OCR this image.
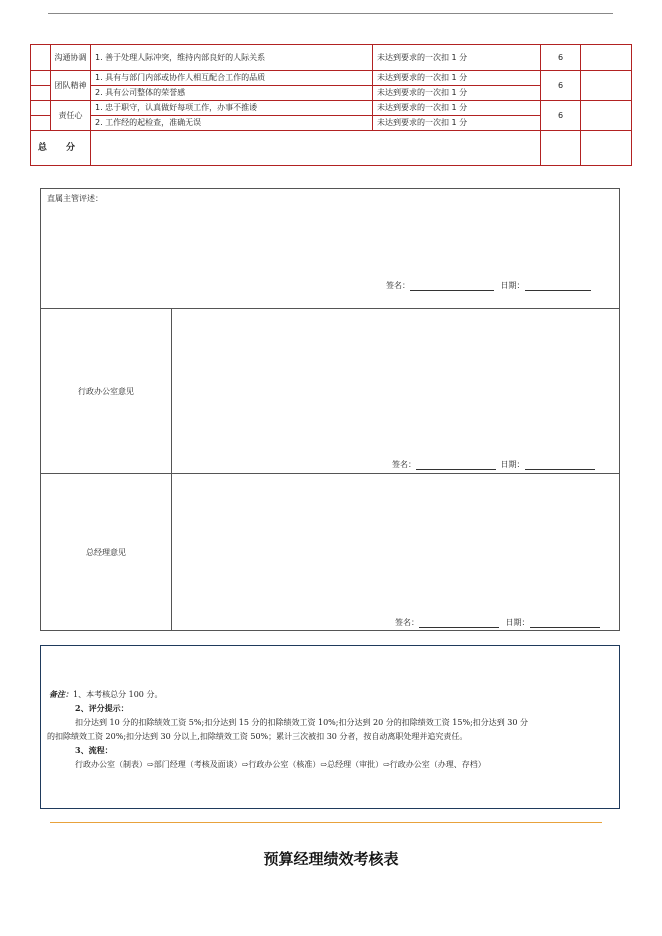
	沟通协调	1. 善于处理人际冲突，维持内部良好的人际关系	未达到要求的一次扣 1 分	6	
	团队精神	1. 具有与部门内部或协作人相互配合工作的品质	未达到要求的一次扣 1 分	6	
		2. 具有公司整体的荣誉感	未达到要求的一次扣 1 分		
	责任心	1. 忠于职守，认真做好每项工作，办事不推诿	未达到要求的一次扣 1 分	6	
		2. 工作经的起检查，准确无误	未达到要求的一次扣 1 分		
总 分					
直属主管评述：
签名：	日期：
行政办公室意见
签名：	日期：
总经理意见
签名：	日期：

备注：1、本考核总分 100 分。

2、评分提示：

扣分达到 10 分的扣除绩效工资 5%;扣分达到 15 分的扣除绩效工资 10%;扣分达到 20 分的扣除绩效工资 15%;扣分达到 30 分

的扣除绩效工资 20%;扣分达到 30 分以上,扣除绩效工资 50%；累计三次被扣 30 分者，按自动离职处理并追究责任。

3、流程：

行政办公室（制表）⇨部门经理（考核及面谈）⇨行政办公室（核准）⇨总经理（审批）⇨行政办公室（办理、存档）

预算经理绩效考核表
